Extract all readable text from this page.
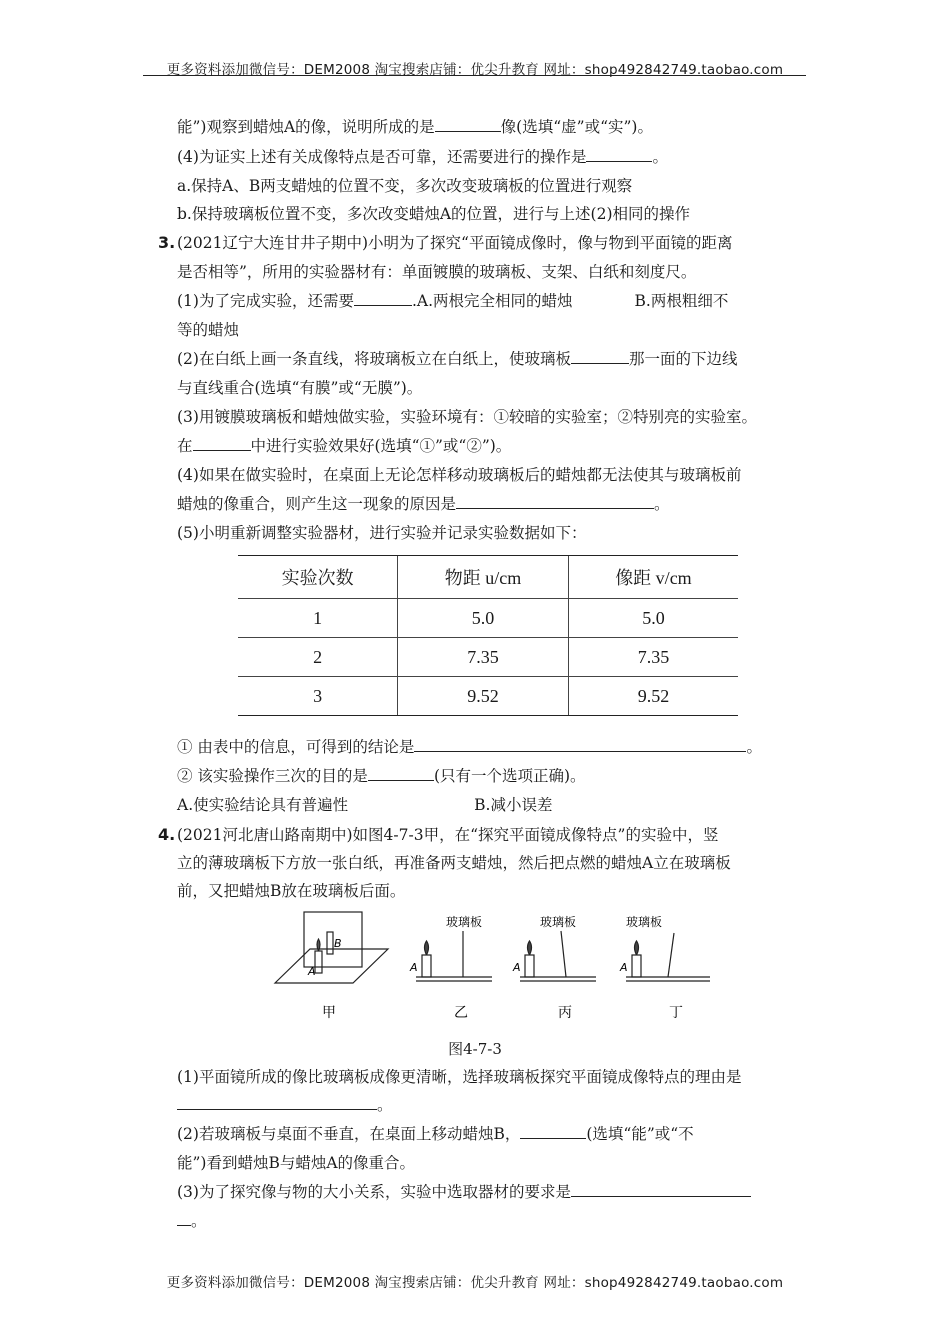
更多资料添加微信号：DEM2008 淘宝搜索店铺：优尖升教育 网址：shop492842749.taobao.com
能”)观察到蜡烛A的像，说明所成的是	像(选填“虚”或“实”)。
(4)为证实上述有关成像特点是否可靠，还需要进行的操作是	。
a.保持A、B两支蜡烛的位置不变，多次改变玻璃板的位置进行观察
b.保持玻璃板位置不变，多次改变蜡烛A的位置，进行与上述(2)相同的操作
3. (2021辽宁大连甘井子期中)小明为了探究“平面镜成像时，像与物到平面镜的距离
是否相等”，所用的实验器材有：单面镀膜的玻璃板、支架、白纸和刻度尺。
(1)为了完成实验，还需要	.A.两根完全相同的蜡烛	B.两根粗细不
等的蜡烛
(2)在白纸上画一条直线，将玻璃板立在白纸上，使玻璃板	那一面的下边线
与直线重合(选填“有膜”或“无膜”)。
(3)用镀膜玻璃板和蜡烛做实验，实验环境有：①较暗的实验室；②特别亮的实验室。
在	中进行实验效果好(选填“①”或“②”)。
(4)如果在做实验时，在桌面上无论怎样移动玻璃板后的蜡烛都无法使其与玻璃板前
蜡烛的像重合，则产生这一现象的原因是	。
(5)小明重新调整实验器材，进行实验并记录实验数据如下：
实验次数	物距 u/cm	像距 v/cm
1	5.0	5.0
2	7.35	7.35
3	9.52	9.52
① 由表中的信息，可得到的结论是	。
② 该实验操作三次的目的是	(只有一个选项正确)。
A.使实验结论具有普遍性	B.减小误差
4. (2021河北唐山路南期中)如图4-7-3甲，在“探究平面镜成像特点”的实验中，竖
立的薄玻璃板下方放一张白纸，再准备两支蜡烛，然后把点燃的蜡烛A立在玻璃板
前，又把蜡烛B放在玻璃板后面。
B
A
甲
玻璃板
A
乙
玻璃板
A
丙
玻璃板
A
丁
图4-7-3
(1)平面镜所成的像比玻璃板成像更清晰，选择玻璃板探究平面镜成像特点的理由是
。
(2)若玻璃板与桌面不垂直，在桌面上移动蜡烛B，	(选填“能”或“不
能”)看到蜡烛B与蜡烛A的像重合。
(3)为了探究像与物的大小关系，实验中选取器材的要求是
。
更多资料添加微信号：DEM2008 淘宝搜索店铺：优尖升教育 网址：shop492842749.taobao.com
